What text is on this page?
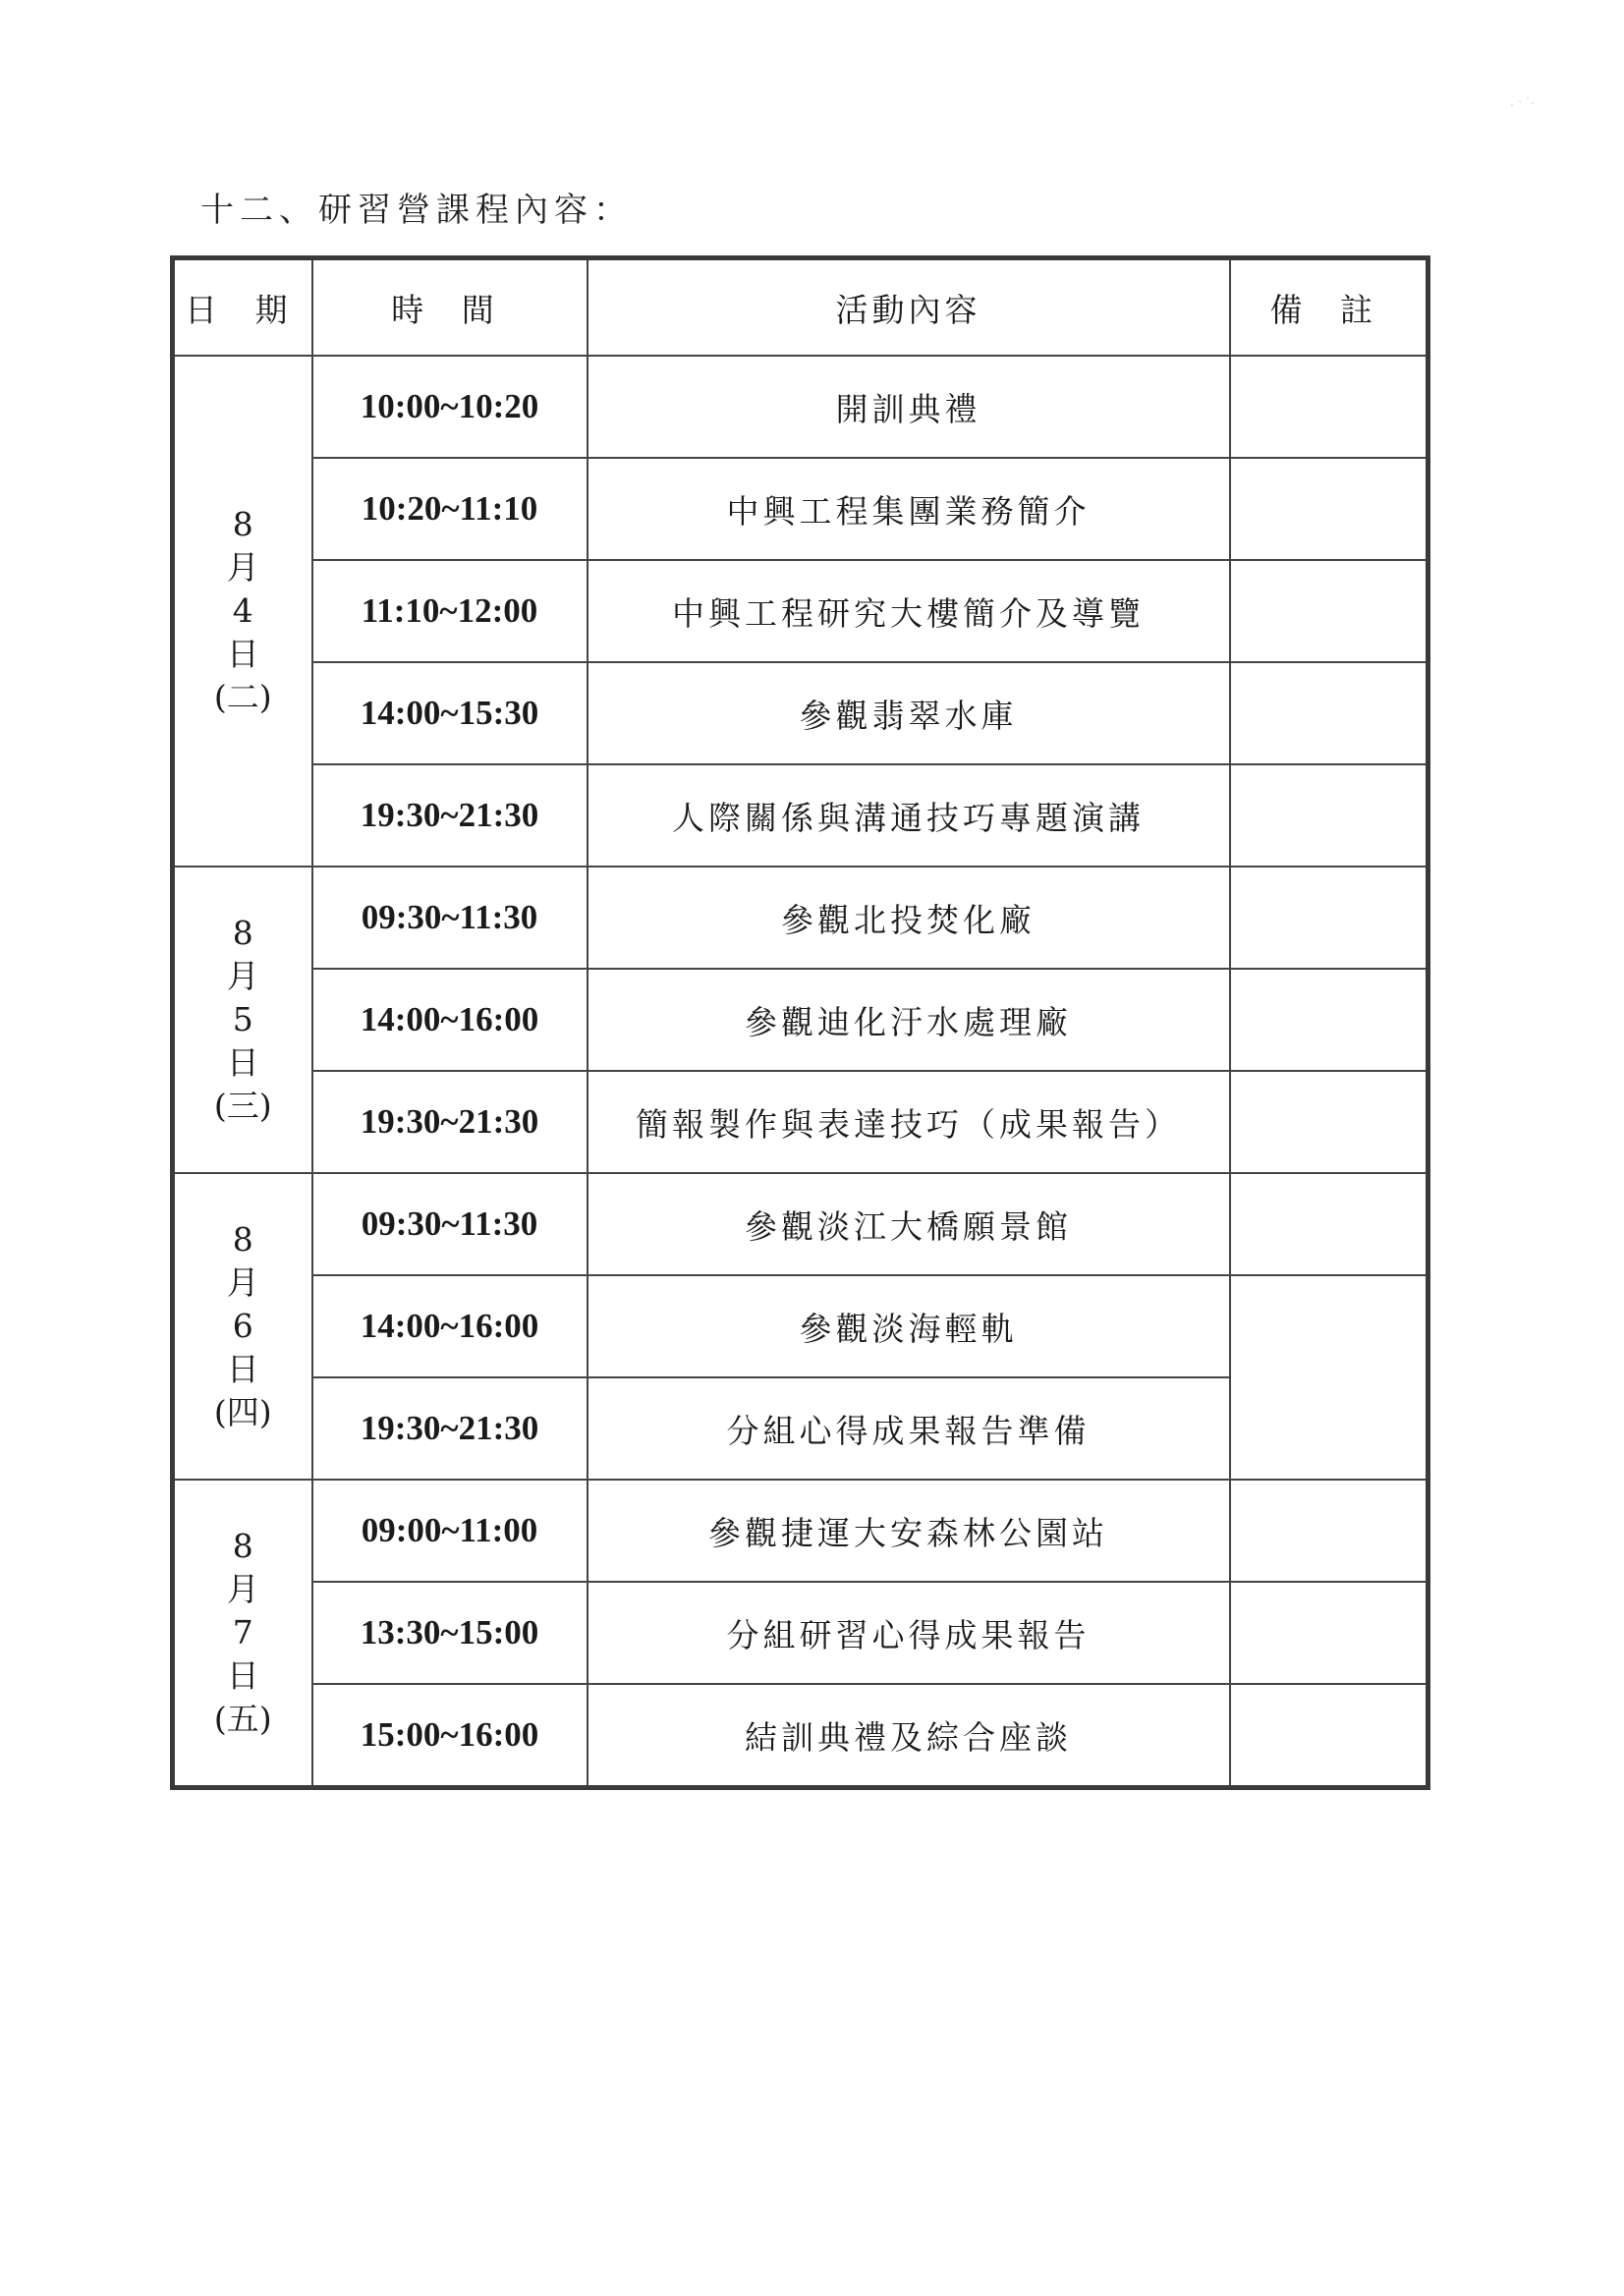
十二、研習營課程內容：
日 期	時 間	活動內容	備 註

8
月
4
日
(二)	10:00~10:20	開訓典禮	
	10:20~11:10	中興工程集團業務簡介	
	11:10~12:00	中興工程研究大樓簡介及導覽	
	14:00~15:30	參觀翡翠水庫	
	19:30~21:30	人際關係與溝通技巧專題演講	

8
月
5
日
(三)	09:30~11:30	參觀北投焚化廠	
	14:00~16:00	參觀迪化汙水處理廠	
	19:30~21:30	簡報製作與表達技巧（成果報告）	

8
月
6
日
(四)	09:30~11:30	參觀淡江大橋願景館	
	14:00~16:00	參觀淡海輕軌	
	19:30~21:30	分組心得成果報告準備	

8
月
7
日
(五)	09:00~11:00	參觀捷運大安森林公園站	
	13:30~15:00	分組研習心得成果報告	
	15:00~16:00	結訓典禮及綜合座談	
